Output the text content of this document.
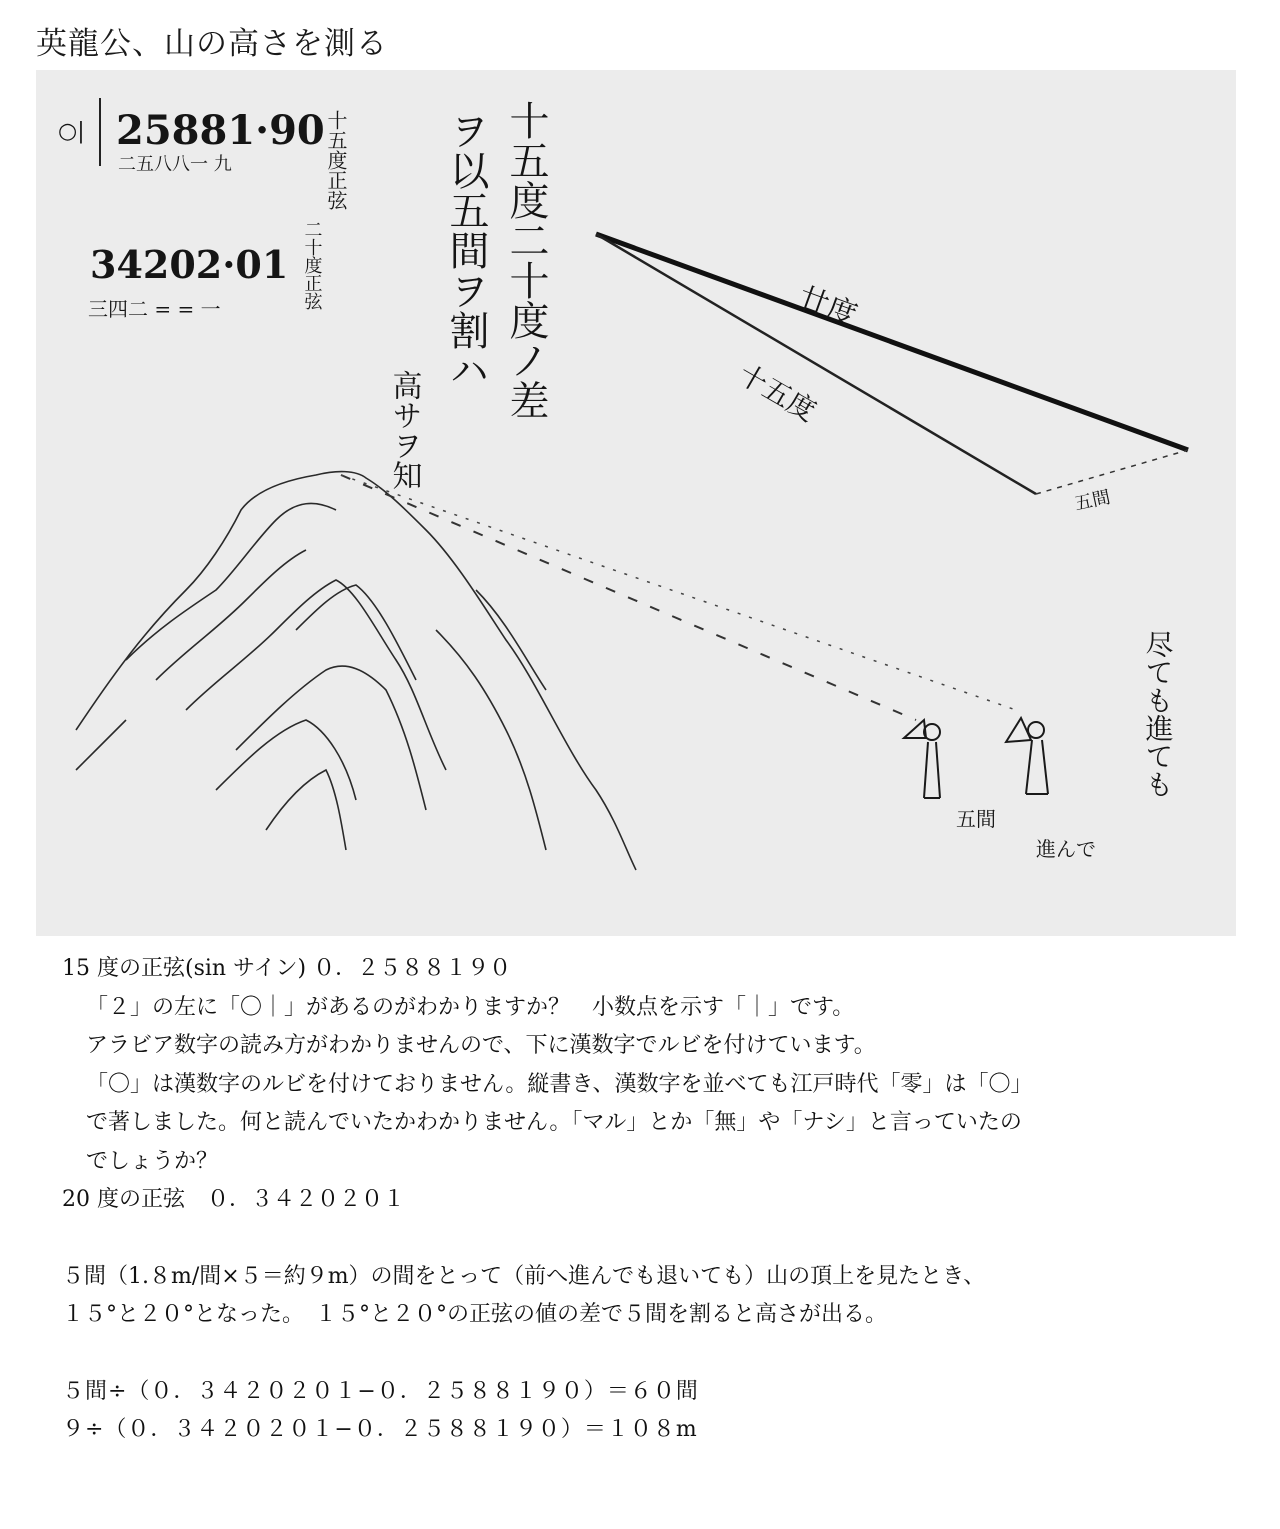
英龍公、山の高さを測る
○| 25881·90
二五八八一 九
34202·01
三四二 = = 一
十五度正弦
二十度正弦	十五度二十度ノ差
ヲ以五間ヲ割ハ
高サヲ知
廿度
十五度
五間
尽ても進ても
五間
進んで
15 度の正弦(sin サイン) ０．２５８８１９０
「２」の左に「〇｜」があるのがわかりますか？　小数点を示す「｜」です。
アラビア数字の読み方がわかりませんので、下に漢数字でルビを付けています。
「〇」は漢数字のルビを付けておりません。縦書き、漢数字を並べても江戸時代「零」は「〇」
で著しました。何と読んでいたかわかりません。「マル」とか「無」や「ナシ」と言っていたの
でしょうか？
20 度の正弦　０．３４２０２０１
５間（1.８m/間×５＝約９m）の間をとって（前へ進んでも退いても）山の頂上を見たとき、
１５°と２０°となった。　１５°と２０°の正弦の値の差で５間を割ると高さが出る。
５間÷（０．３４２０２０１−０．２５８８１９０）＝６０間
９÷（０．３４２０２０１−０．２５８８１９０）＝１０８m
